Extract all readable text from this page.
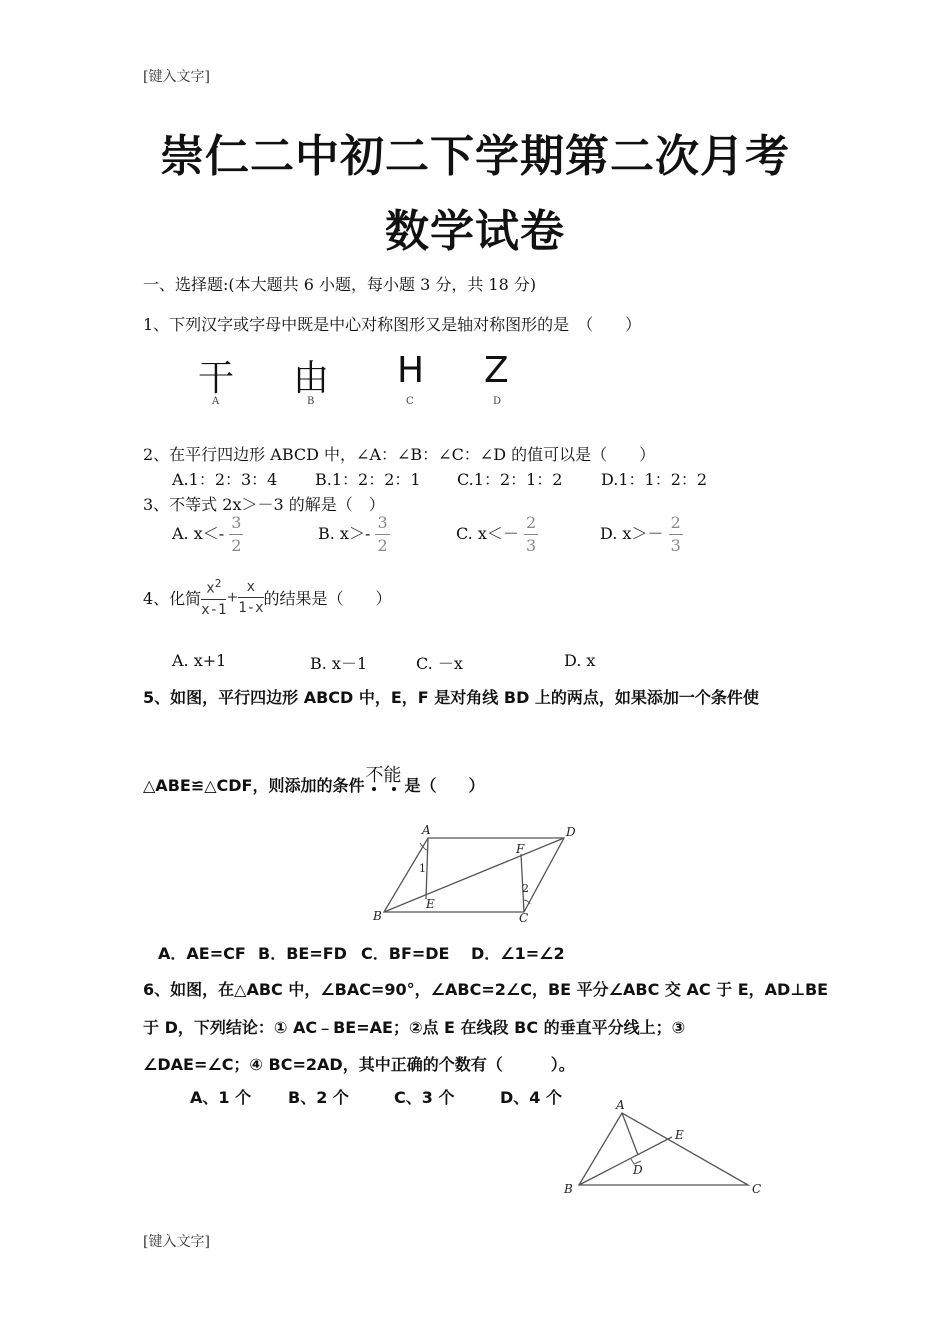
[键入文字]
崇仁二中初二下学期第二次月考
数学试卷
一、选择题:(本大题共 6 小题，每小题 3 分，共 18 分)
1、下列汉字或字母中既是中心对称图形又是轴对称图形的是　（　　）
干 由 H Z
A	B	C	D
2、在平行四边形 ABCD 中，∠A：∠B：∠C：∠D 的值可以是（　　）
A.1：2：3：4 B.1：2：2：1 C.1：2：1：2 D.1：1：2：2
3、不等式 2x＞－3 的解是（　）
A. $x<- \frac{3}{2}$	B. $x>- \frac{3}{2}$	C. $x<- \frac{2}{3}$	D. $x>- \frac{2}{3}$
4、化简 $\frac{x^2}{x-1} + \frac{x}{1-x}$ 的结果是（　　）
A. x+1	B. x－1	C. －x	D. x
5、如图，平行四边形 ABCD 中，E，F 是对角线 BD 上的两点，如果添加一个条件使
△ABE≌△CDF，则添加的条件 不能 是（　　）
A	D
B	C
E
F
1
2
A．AE=CF B．BE=FD C．BF=DE D．∠1=∠2
6、如图，在△ABC 中，∠BAC=90°，∠ABC=2∠C，BE 平分∠ABC 交 AC 于 E，AD⊥BE
于 D，下列结论：① AC﹣BE=AE；②点 E 在线段 BC 的垂直平分线上；③
∠DAE=∠C；④ BC=2AD，其中正确的个数有（　　　）。
A、1 个 B、2 个	C、3 个	D、4 个	A
E
D
B	C
[键入文字]
